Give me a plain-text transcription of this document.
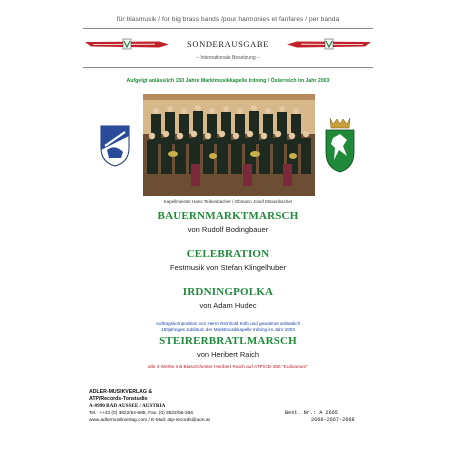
für blasmusik / for big brass bands /pour harmonies et fanfares / per banda
SONDERAUSGABE
– Internationale Besetzung –
Aufgelgt anlässlich 150 Jahre Marktmusikkapelle Irdning / Österreich im Jahr 2003
Kapellmeister Hans Teibenbacher / Obmann Josef Mösenbacher
BAUERNMARKTMARSCH
von Rudolf Bodingbauer
CELEBRATION
Festmusik von Stefan Klingelhuber
IRDNINGPOLKA
von Adam Hudec
Auftragskomposition von Herrn Reinhold Kolb und gewidmet anlässlich
150jähriges Jubiläum der Marktmusikkapelle Irdning im Jahr 2003
STEIRERBRATLMARSCH
von Heribert Raich
alle 4 Werke mit Blasorchester Heribert Raich auf ATP/CD-356 "Kulinarium"
ADLER-MUSIKVERLAG &
ATP/Records-Tonstudio
A-8990 BAD AUSSEE / AUSTRIA
Tel.: ++43 (0) 3622/54-588, Fax: (0) 3622/55-266
www.adlermusikverlag.com / E-Mail: atp-records@aon.at
Best. Nr.: A 2665
2666-2667-2668
